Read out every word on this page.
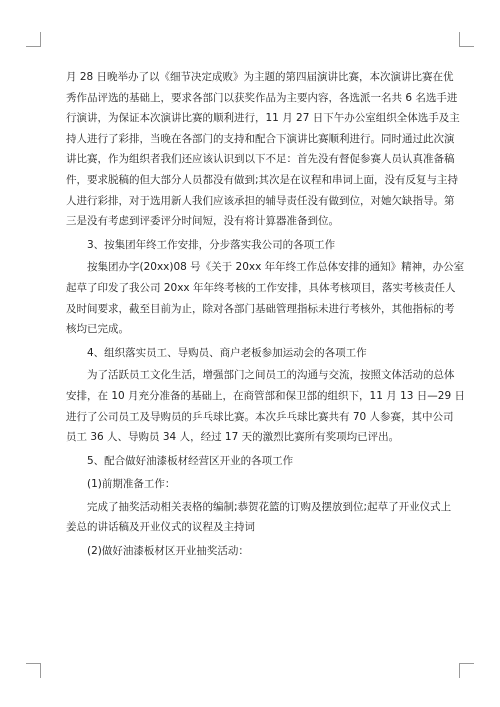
月 28 日晚举办了以《细节决定成败》为主题的第四届演讲比赛，本次演讲比赛在优
秀作品评选的基础上，要求各部门以获奖作品为主要内容，各选派一名共 6 名选手进
行演讲，为保证本次演讲比赛的顺利进行，11 月 27 日下午办公室组织全体选手及主
持人进行了彩排，当晚在各部门的支持和配合下演讲比赛顺利进行。同时通过此次演
讲比赛，作为组织者我们还应该认识到以下不足：首先没有督促参赛人员认真准备稿
件，要求脱稿的但大部分人员都没有做到;其次是在议程和串词上面，没有反复与主持
人进行彩排，对于选用新人我们应该承担的辅导责任没有做到位，对她欠缺指导。第
三是没有考虑到评委评分时间短，没有将计算器准备到位。
3、按集团年终工作安排，分步落实我公司的各项工作
按集团办字(20xx)08 号《关于 20xx 年年终工作总体安排的通知》精神，办公室
起草了印发了我公司 20xx 年年终考核的工作安排，具体考核项目，落实考核责任人
及时间要求，截至目前为止，除对各部门基础管理指标未进行考核外，其他指标的考
核均已完成。
4、组织落实员工、导购员、商户老板参加运动会的各项工作
为了活跃员工文化生活，增强部门之间员工的沟通与交流，按照文体活动的总体
安排，在 10 月充分准备的基础上，在商管部和保卫部的组织下，11 月 13 日—29 日
进行了公司员工及导购员的乒乓球比赛。本次乒乓球比赛共有 70 人参赛，其中公司
员工 36 人、导购员 34 人，经过 17 天的激烈比赛所有奖项均已评出。
5、配合做好油漆板材经营区开业的各项工作
(1)前期准备工作：
完成了抽奖活动相关表格的编制;恭贺花篮的订购及摆放到位;起草了开业仪式上
姜总的讲话稿及开业仪式的议程及主持词
(2)做好油漆板材区开业抽奖活动：
